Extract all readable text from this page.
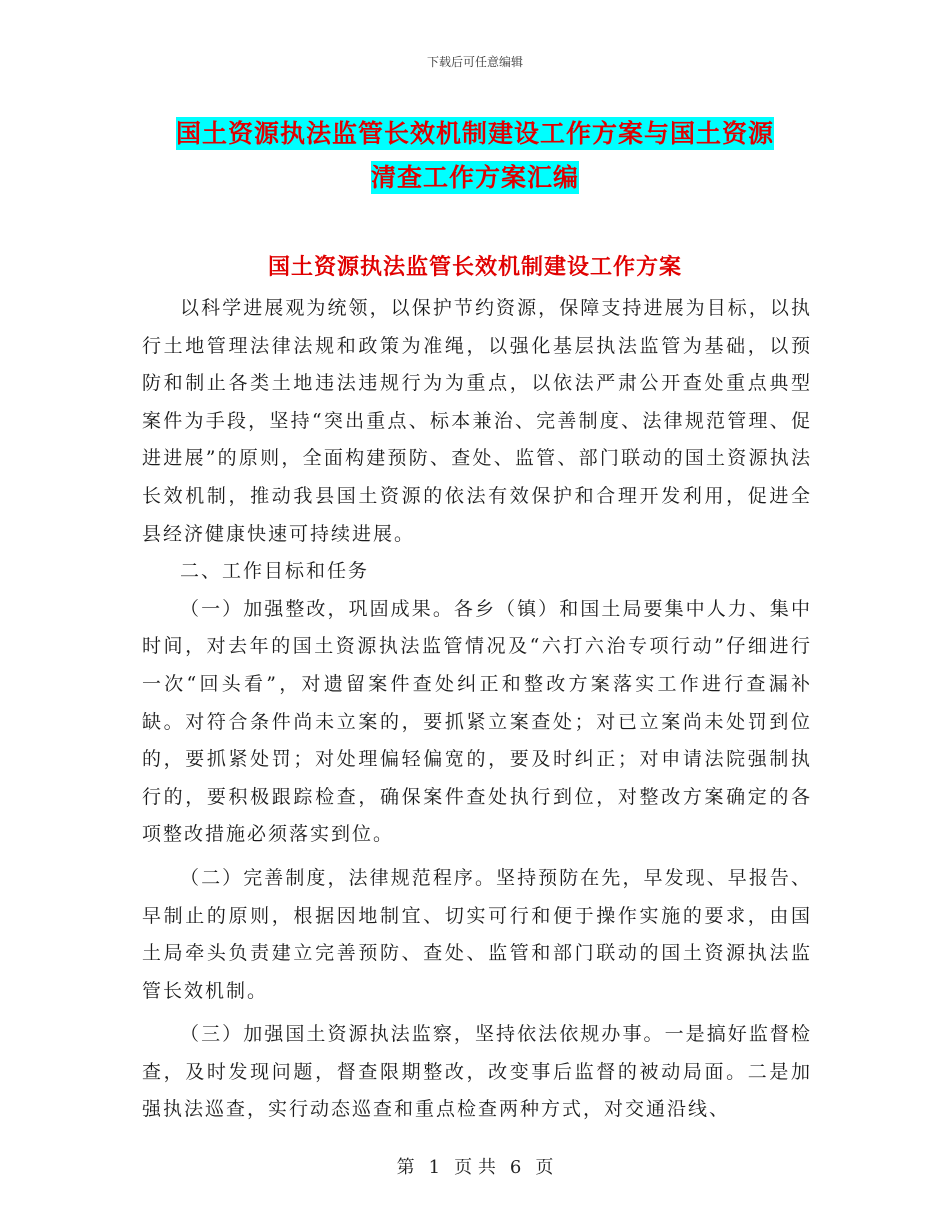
下载后可任意编辑
国土资源执法监管长效机制建设工作方案与国土资源
清查工作方案汇编
国土资源执法监管长效机制建设工作方案

以科学进展观为统领，以保护节约资源，保障支持进展为目标，以执行土地管理法律法规和政策为准绳，以强化基层执法监管为基础，以预防和制止各类土地违法违规行为为重点，以依法严肃公开查处重点典型案件为手段，坚持“突出重点、标本兼治、完善制度、法律规范管理、促进进展”的原则，全面构建预防、查处、监管、部门联动的国土资源执法长效机制，推动我县国土资源的依法有效保护和合理开发利用，促进全县经济健康快速可持续进展。

二、工作目标和任务

（一）加强整改，巩固成果。各乡（镇）和国土局要集中人力、集中时间，对去年的国土资源执法监管情况及“六打六治专项行动”仔细进行一次“回头看”，对遗留案件查处纠正和整改方案落实工作进行查漏补缺。对符合条件尚未立案的，要抓紧立案查处；对已立案尚未处罚到位的，要抓紧处罚；对处理偏轻偏宽的，要及时纠正；对申请法院强制执行的，要积极跟踪检查，确保案件查处执行到位，对整改方案确定的各项整改措施必须落实到位。

（二）完善制度，法律规范程序。坚持预防在先，早发现、早报告、早制止的原则，根据因地制宜、切实可行和便于操作实施的要求，由国土局牵头负责建立完善预防、查处、监管和部门联动的国土资源执法监管长效机制。

（三）加强国土资源执法监察，坚持依法依规办事。一是搞好监督检查，及时发现问题，督查限期整改，改变事后监督的被动局面。二是加强执法巡查，实行动态巡查和重点检查两种方式，对交通沿线、

第 1 页 共 6 页
